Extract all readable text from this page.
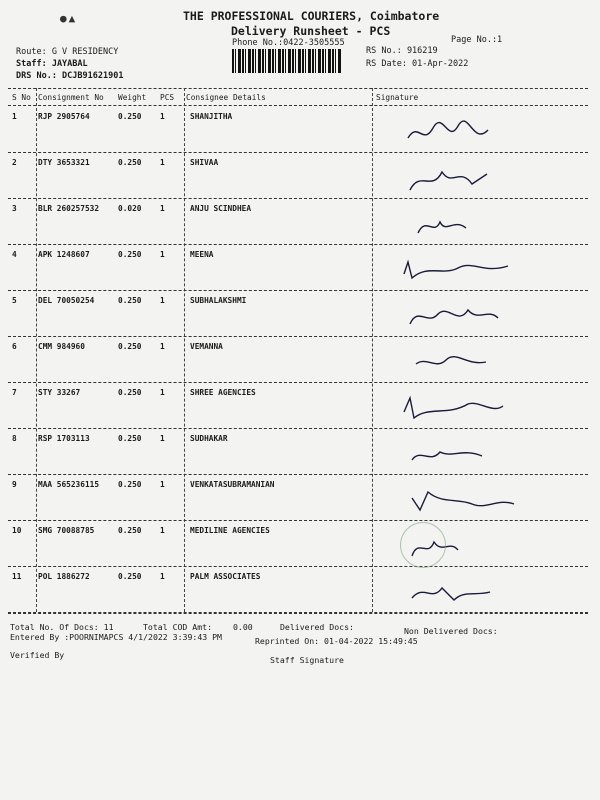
●▲	THE PROFESSIONAL COURIERS, Coimbatore
Delivery Runsheet - PCS
Phone No.:0422-3505555	Page No.:1
Route: G V RESIDENCY
Staff: JAYABAL
DRS No.: DCJB91621901
RS No.: 916219
RS Date: 01-Apr-2022
S No Consignment No Weight PCS Consignee Details	Signature
1	RJP 2905764	0.250 1	SHANJITHA
2	DTY 3653321	0.250 1	SHIVAA
3	BLR 260257532 0.020 1	ANJU SCINDHEA
4	APK 1248607	0.250 1	MEENA
5	DEL 70050254	0.250 1	SUBHALAKSHMI
6	CMM 984960	0.250 1	VEMANNA
7	STY 33267	0.250 1	SHREE AGENCIES
8	RSP 1703113	0.250 1	SUDHAKAR
9	MAA 565236115 0.250 1	VENKATASUBRAMANIAN
10 SMG 70088785	0.250 1	MEDILINE AGENCIES
11 POL 1886272	0.250 1	PALM ASSOCIATES
Total No. Of Docs: 11	Total COD Amt:	0.00	Delivered Docs:	Non Delivered Docs:
Entered By :POORNIMAPCS 4/1/2022 3:39:43 PM	Reprinted On: 01-04-2022 15:49:45
Verified By	Staff Signature
